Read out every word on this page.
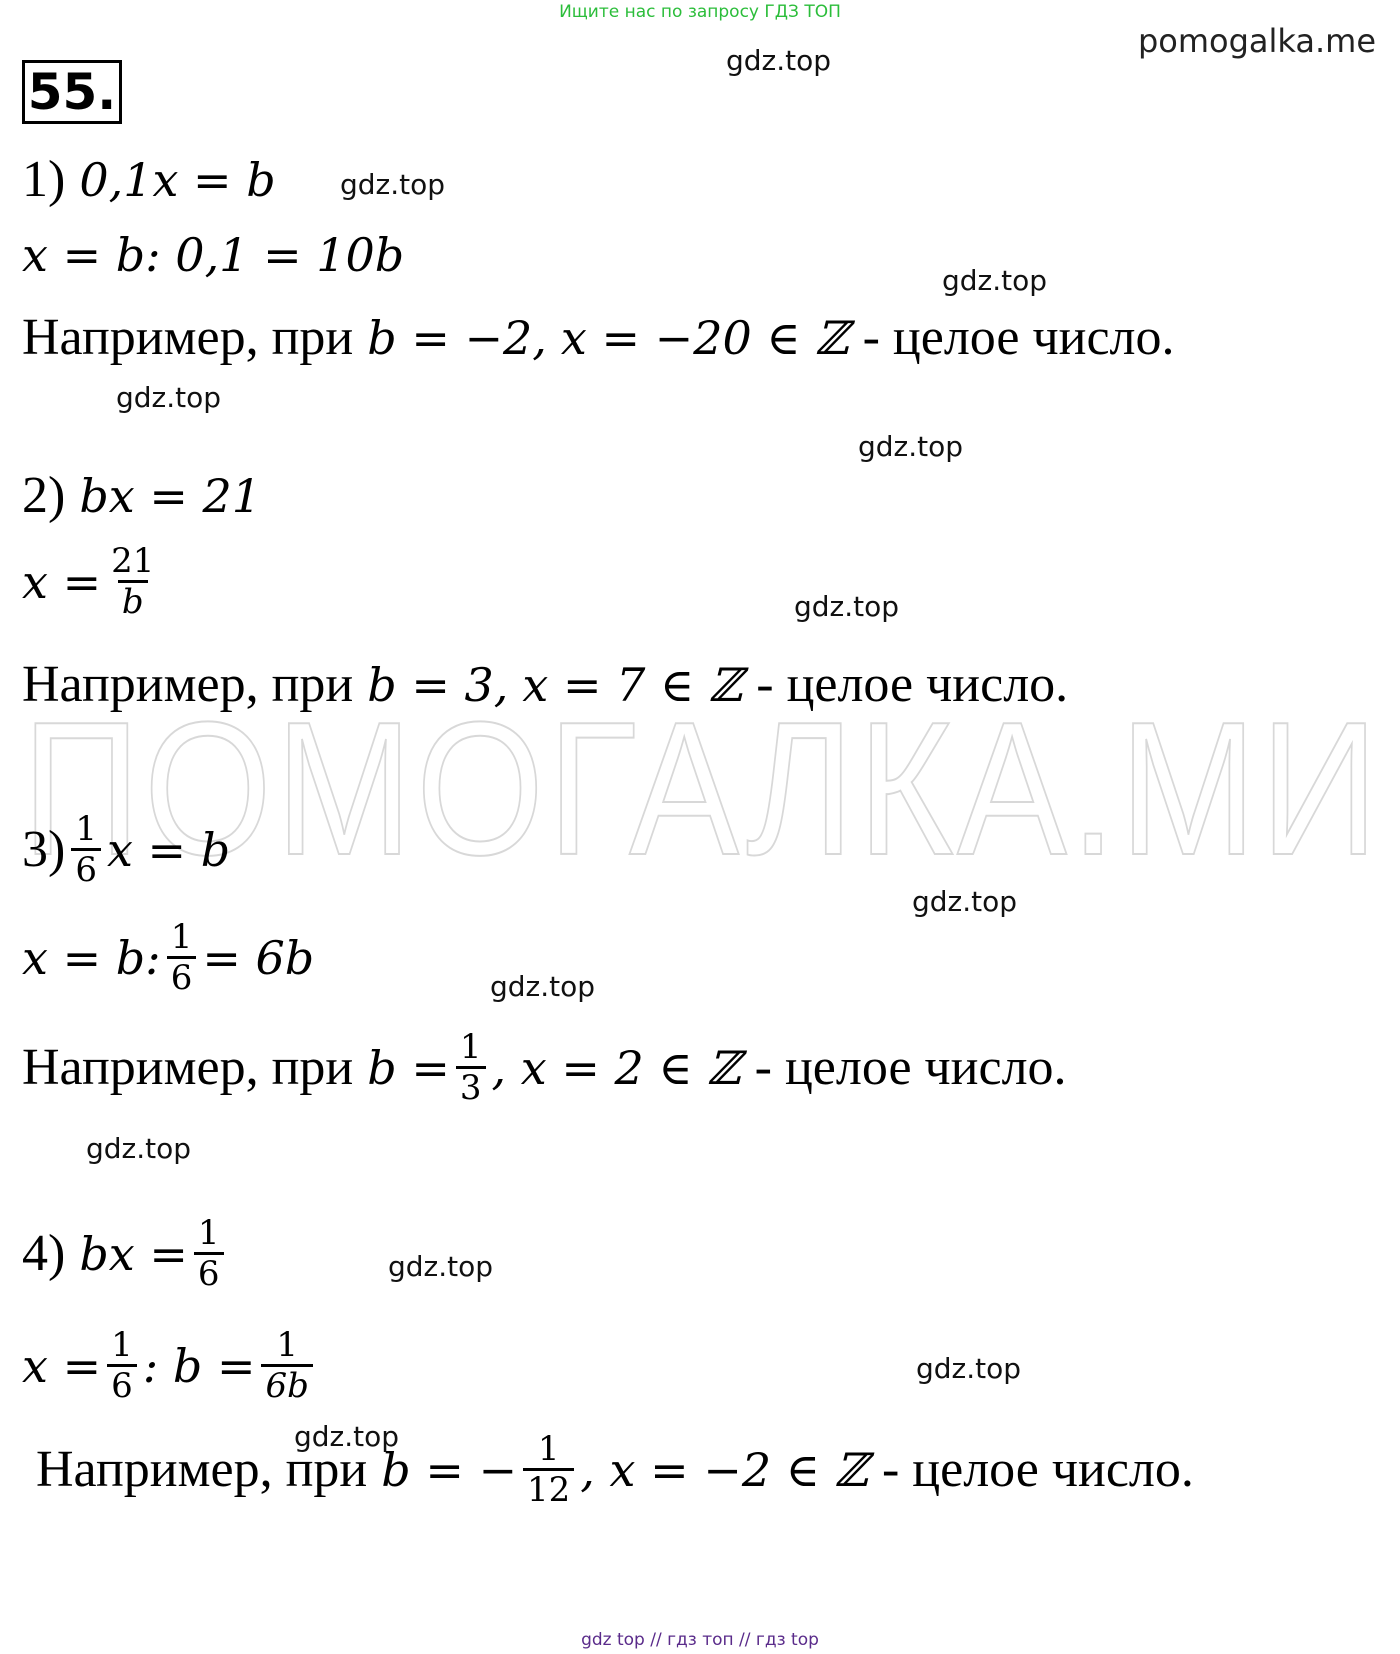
Ищите нас по запросу ГДЗ ТОП
pomogalka.me
55.
gdz.top
gdz.top
gdz.top
gdz.top
gdz.top
gdz.top
gdz.top
gdz.top
gdz.top
gdz.top
gdz.top
gdz.top
ПОМОГАЛКА.МИ
1) 0,1x = b
x = b: 0,1 = 10b
Например, при b = −2, x = −20 ∈ ℤ - целое число.
2) bx = 21
$x = \frac{21}{b}$
Например, при b = 3, x = 7 ∈ ℤ - целое число.
$3) \frac{1}{6}$ x = b
x = b: $\frac{1}{6} = 6b$
Например, при $b = \frac{1}{3}$ , x = 2 ∈ ℤ - целое число.
4) bx = $\frac{1}{6}$
$x = \frac{1}{6}$ : $b = \frac{1}{6b}$
Например, при b = − $\frac{1}{12}$ , x = −2 ∈ ℤ - целое число.
gdz top // гдз топ // гдз top
